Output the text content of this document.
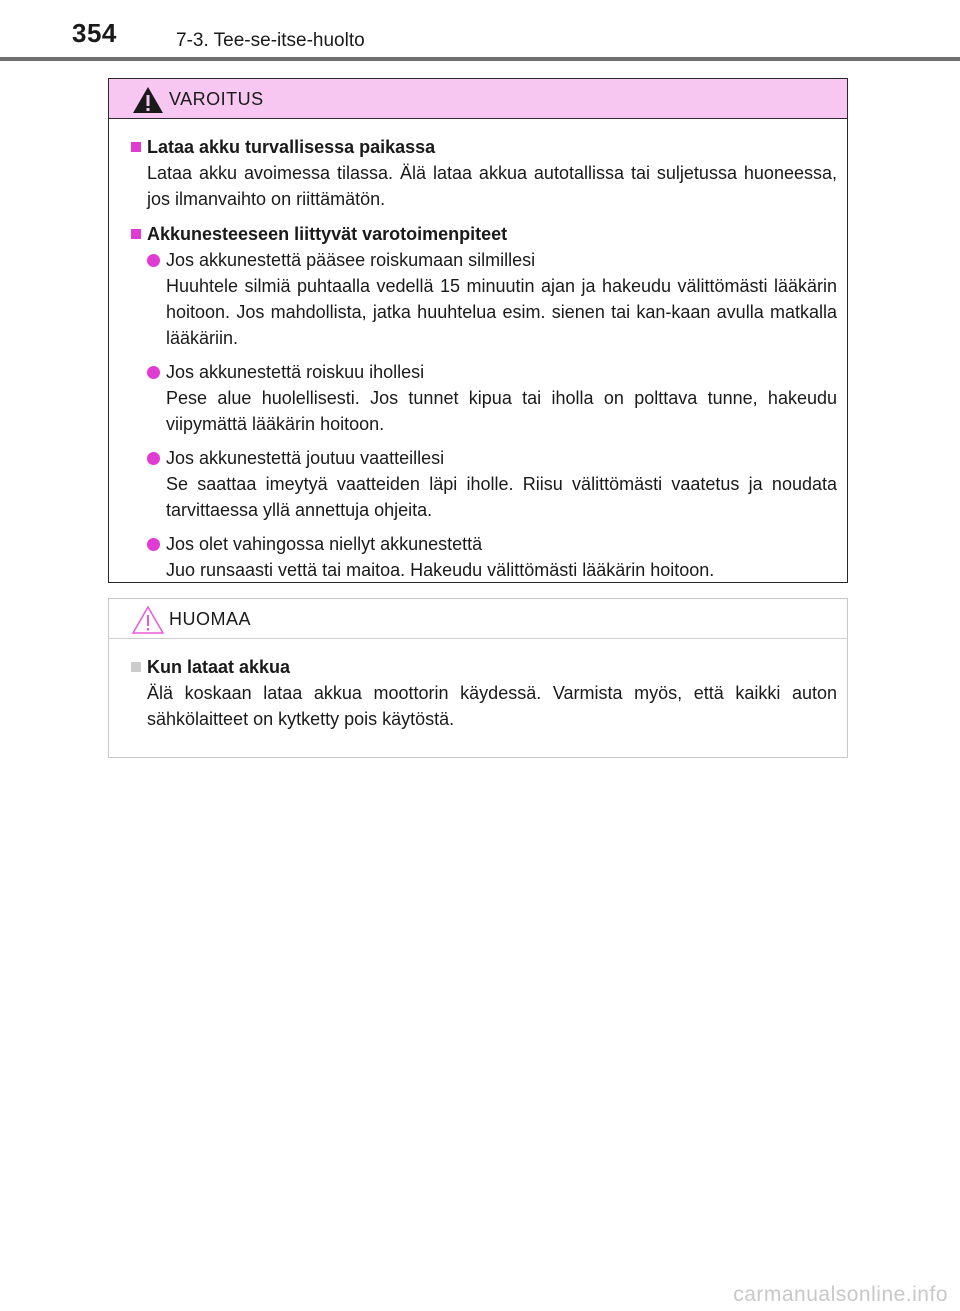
354	7-3. Tee-se-itse-huolto
VAROITUS
Lataa akku turvallisessa paikassa
Lataa akku avoimessa tilassa. Älä lataa akkua autotallissa tai suljetussa huoneessa, jos ilmanvaihto on riittämätön.
Akkunesteeseen liittyvät varotoimenpiteet
Jos akkunestettä pääsee roiskumaan silmillesi
Huuhtele silmiä puhtaalla vedellä 15 minuutin ajan ja hakeudu välittömästi lääkärin hoitoon. Jos mahdollista, jatka huuhtelua esim. sienen tai kan-kaan avulla matkalla lääkäriin.
Jos akkunestettä roiskuu ihollesi
Pese alue huolellisesti. Jos tunnet kipua tai iholla on polttava tunne, hakeudu viipymättä lääkärin hoitoon.
Jos akkunestettä joutuu vaatteillesi
Se saattaa imeytyä vaatteiden läpi iholle. Riisu välittömästi vaatetus ja noudata tarvittaessa yllä annettuja ohjeita.
Jos olet vahingossa niellyt akkunestettä
Juo runsaasti vettä tai maitoa. Hakeudu välittömästi lääkärin hoitoon.
HUOMAA
Kun lataat akkua
Älä koskaan lataa akkua moottorin käydessä. Varmista myös, että kaikki auton sähkölaitteet on kytketty pois käytöstä.
carmanualsonline.info
